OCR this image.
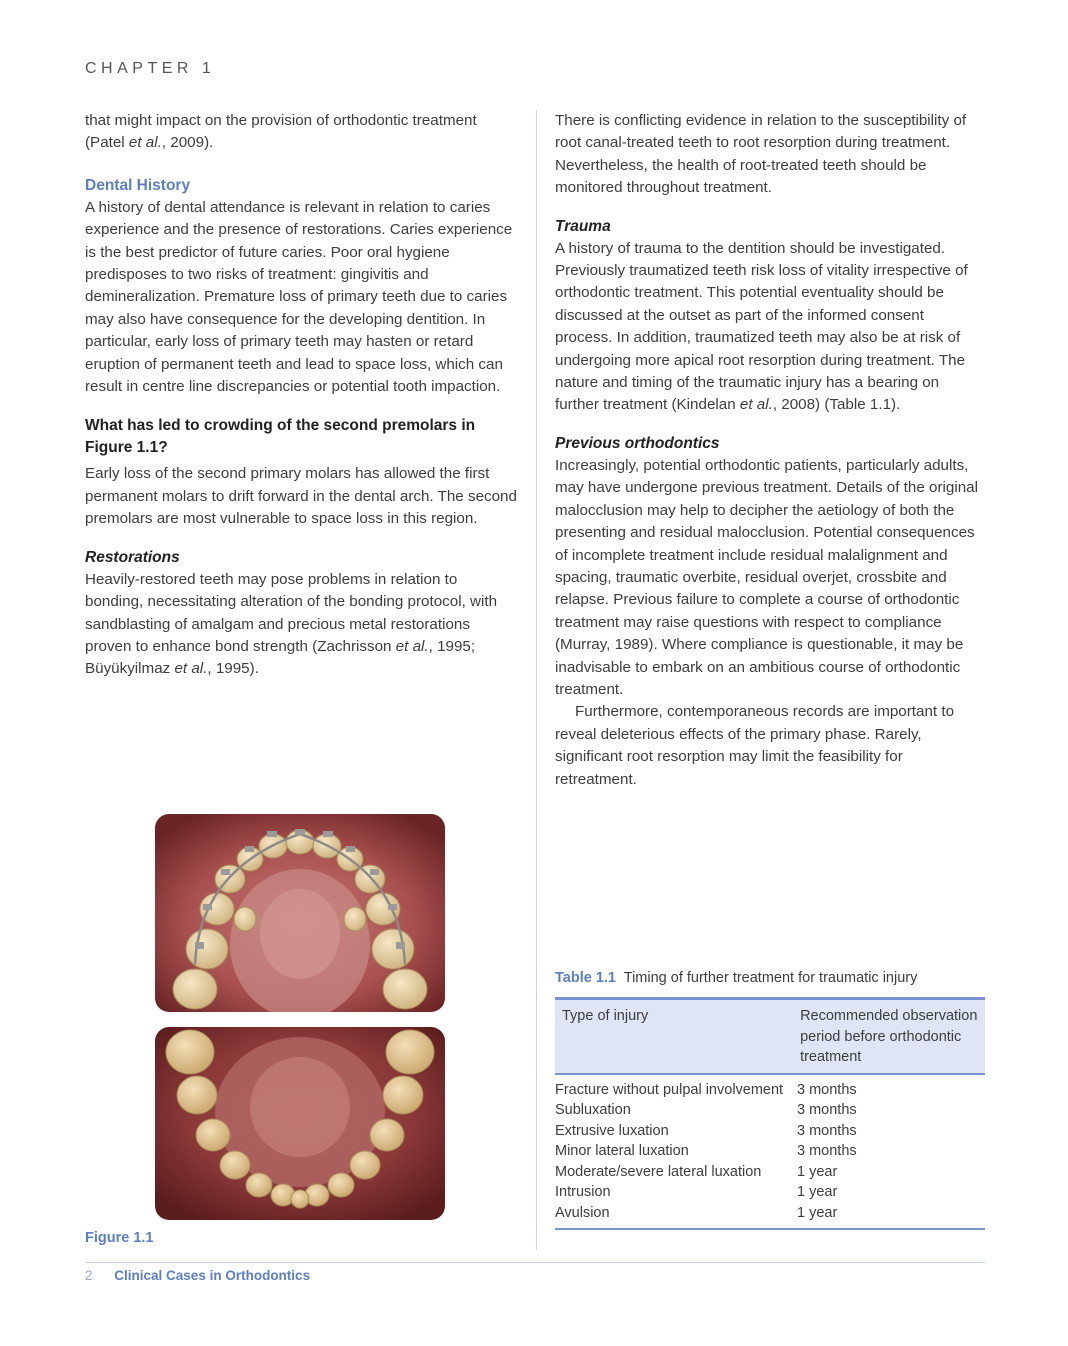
CHAPTER 1

that might impact on the provision of orthodontic treatment (Patel et al., 2009).

Dental History

A history of dental attendance is relevant in relation to caries experience and the presence of restorations. Caries experience is the best predictor of future caries. Poor oral hygiene predisposes to two risks of treatment: gingivitis and demineralization. Premature loss of primary teeth due to caries may also have consequence for the developing dentition. In particular, early loss of primary teeth may hasten or retard eruption of permanent teeth and lead to space loss, which can result in centre line discrepancies or potential tooth impaction.

What has led to crowding of the second premolars in Figure 1.1?

Early loss of the second primary molars has allowed the first permanent molars to drift forward in the dental arch. The second premolars are most vulnerable to space loss in this region.

Restorations

Heavily-restored teeth may pose problems in relation to bonding, necessitating alteration of the bonding protocol, with sandblasting of amalgam and precious metal restorations proven to enhance bond strength (Zachrisson et al., 1995; Büyükyilmaz et al., 1995).

Figure 1.1

There is conflicting evidence in relation to the susceptibility of root canal-treated teeth to root resorption during treatment. Nevertheless, the health of root-treated teeth should be monitored throughout treatment.

Trauma

A history of trauma to the dentition should be investigated. Previously traumatized teeth risk loss of vitality irrespective of orthodontic treatment. This potential eventuality should be discussed at the outset as part of the informed consent process. In addition, traumatized teeth may also be at risk of undergoing more apical root resorption during treatment. The nature and timing of the traumatic injury has a bearing on further treatment (Kindelan et al., 2008) (Table 1.1).

Previous orthodontics

Increasingly, potential orthodontic patients, particularly adults, may have undergone previous treatment. Details of the original malocclusion may help to decipher the aetiology of both the presenting and residual malocclusion. Potential consequences of incomplete treatment include residual malalignment and spacing, traumatic overbite, residual overjet, crossbite and relapse. Previous failure to complete a course of orthodontic treatment may raise questions with respect to compliance (Murray, 1989). Where compliance is questionable, it may be inadvisable to embark on an ambitious course of orthodontic treatment.

Furthermore, contemporaneous records are important to reveal deleterious effects of the primary phase. Rarely, significant root resorption may limit the feasibility for retreatment.

Table 1.1 Timing of further treatment for traumatic injury
Type of injury	Recommended observation period before orthodontic treatment
Fracture without pulpal involvement 3 months
Subluxation	3 months
Extrusive luxation	3 months
Minor lateral luxation	3 months
Moderate/severe lateral luxation	1 year
Intrusion	1 year
Avulsion	1 year
2 Clinical Cases in Orthodontics
